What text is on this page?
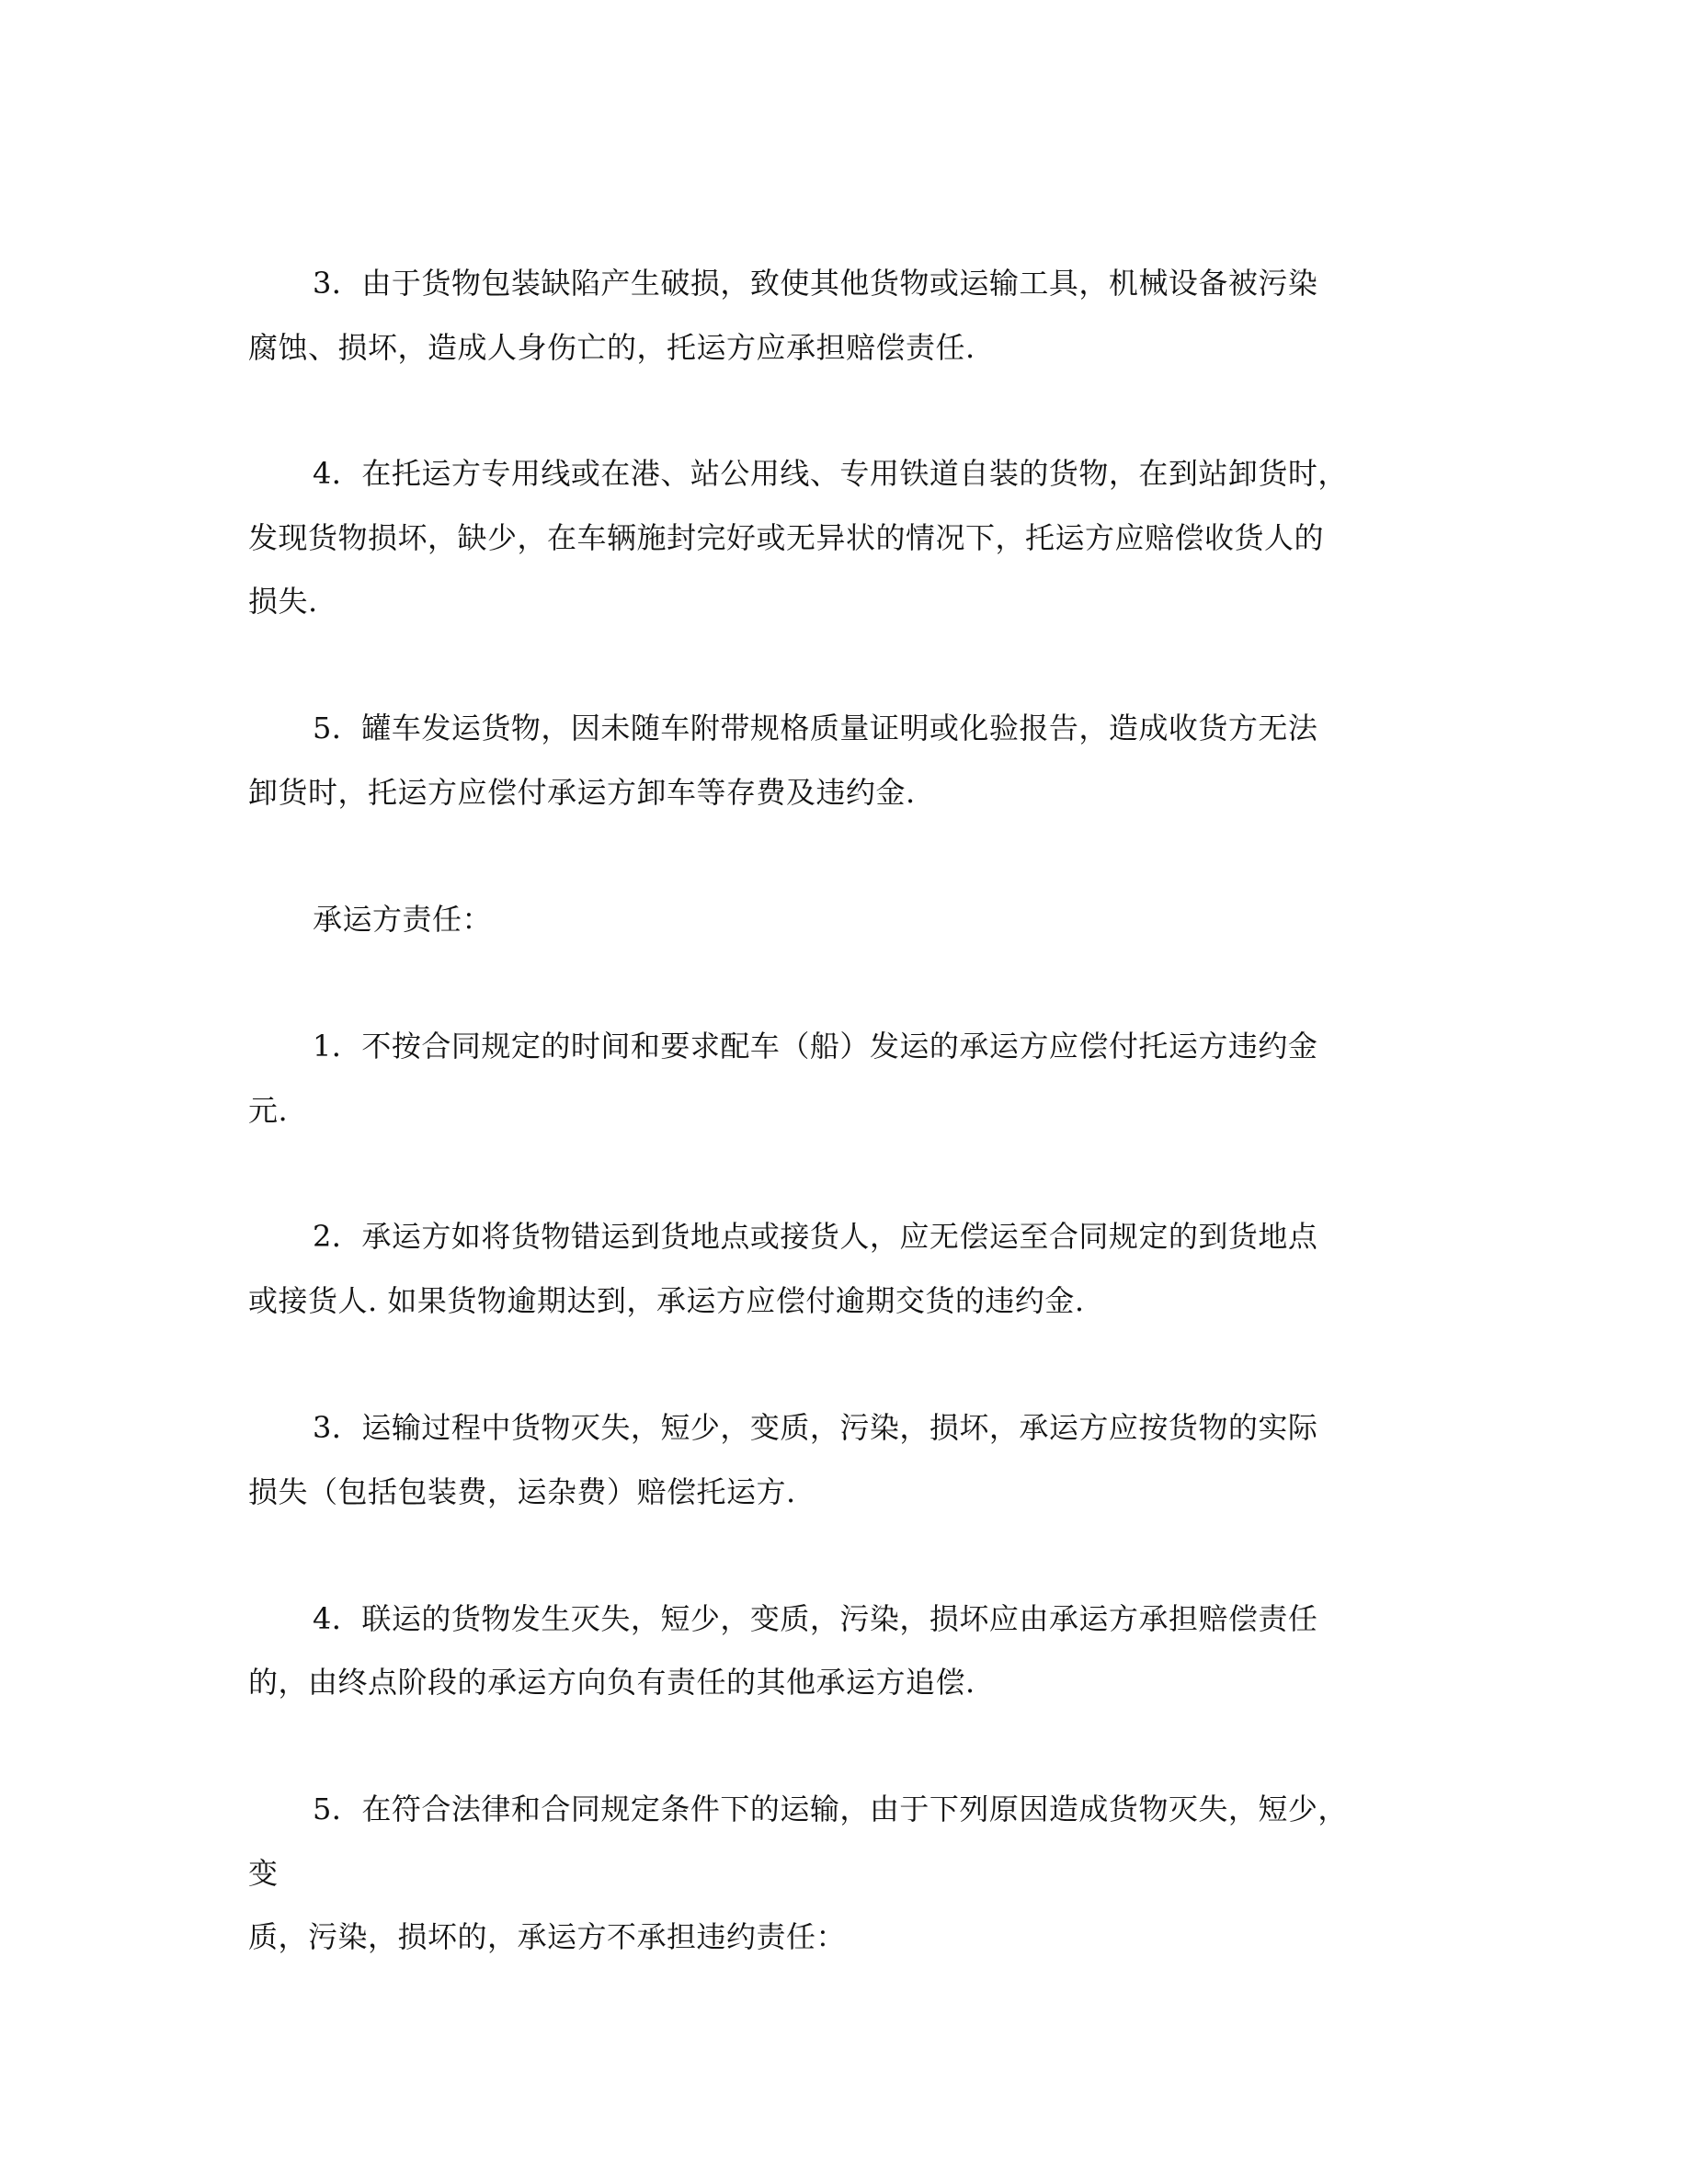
3．由于货物包装缺陷产生破损，致使其他货物或运输工具，机械设备被污染
腐蚀、损坏，造成人身伤亡的，托运方应承担赔偿责任.
4．在托运方专用线或在港、站公用线、专用铁道自装的货物，在到站卸货时，
发现货物损坏，缺少，在车辆施封完好或无异状的情况下，托运方应赔偿收货人的
损失.
5．罐车发运货物，因未随车附带规格质量证明或化验报告，造成收货方无法
卸货时，托运方应偿付承运方卸车等存费及违约金.
承运方责任：
1．不按合同规定的时间和要求配车（船）发运的承运方应偿付托运方违约金
元.
2．承运方如将货物错运到货地点或接货人，应无偿运至合同规定的到货地点
或接货人. 如果货物逾期达到，承运方应偿付逾期交货的违约金.
3．运输过程中货物灭失，短少，变质，污染，损坏，承运方应按货物的实际
损失（包括包装费，运杂费）赔偿托运方.
4．联运的货物发生灭失，短少，变质，污染，损坏应由承运方承担赔偿责任
的，由终点阶段的承运方向负有责任的其他承运方追偿.
5．在符合法律和合同规定条件下的运输，由于下列原因造成货物灭失，短少，
变
质，污染，损坏的，承运方不承担违约责任：
